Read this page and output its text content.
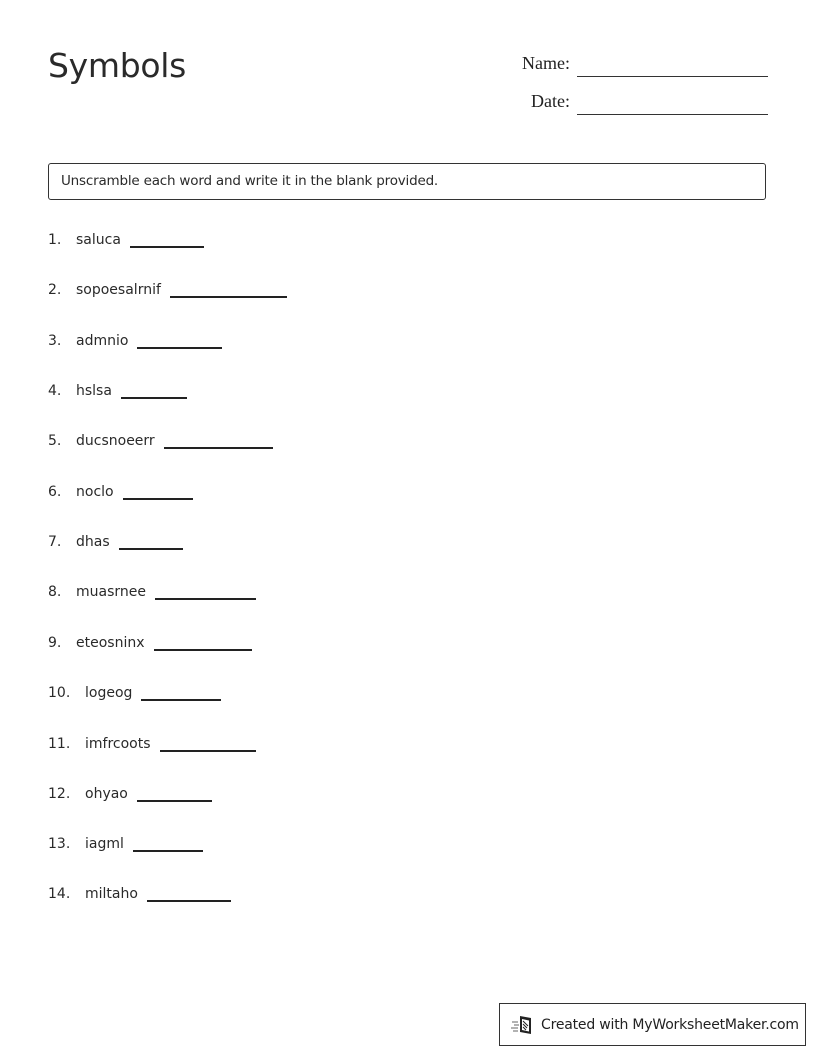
Symbols	Name:
Date:
Unscramble each word and write it in the blank provided.
1.	saluca
2.	sopoesalrnif
3.	admnio
4.	hslsa
5.	ducsnoeerr
6.	noclo
7.	dhas
8.	muasrnee
9.	eteosninx
10.	logeog
11.	imfrcoots
12.	ohyao
13.	iagml
14.	miltaho
Created with MyWorksheetMaker.com
